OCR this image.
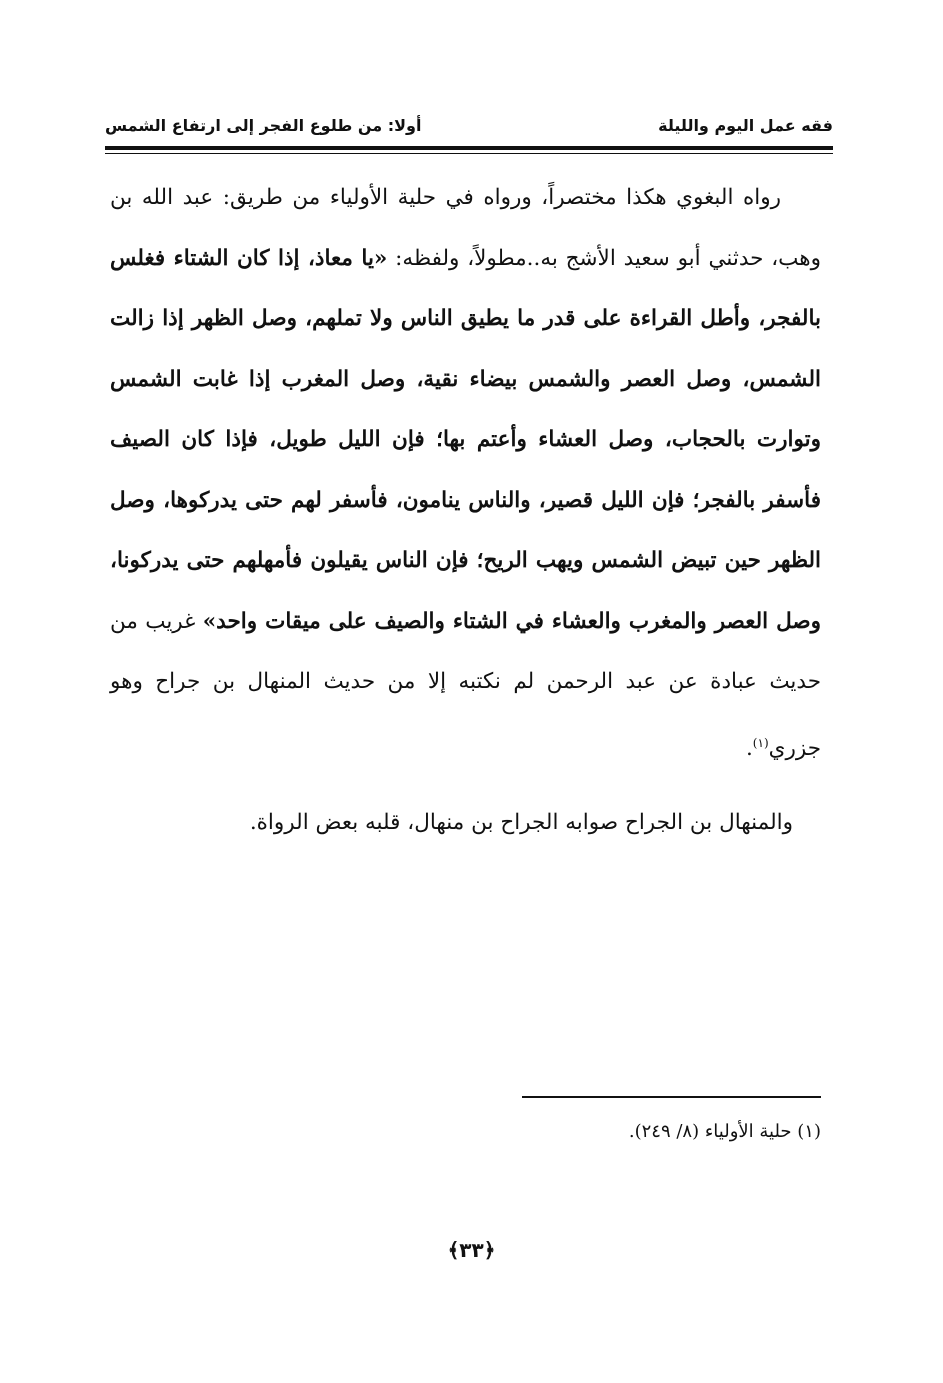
فقه عمل اليوم والليلة
أولا: من طلوع الفجر إلى ارتفاع الشمس

رواه البغوي هكذا مختصراً، ورواه في حلية الأولياء من طريق: عبد الله بن وهب، حدثني أبو سعيد الأشج به..مطولاً، ولفظه: «يا معاذ، إذا كان الشتاء فغلس بالفجر، وأطل القراءة على قدر ما يطيق الناس ولا تملهم، وصل الظهر إذا زالت الشمس، وصل العصر والشمس بيضاء نقية، وصل المغرب إذا غابت الشمس وتوارت بالحجاب، وصل العشاء وأعتم بها؛ فإن الليل طويل، فإذا كان الصيف فأسفر بالفجر؛ فإن الليل قصير، والناس ينامون، فأسفر لهم حتى يدركوها، وصل الظهر حين تبيض الشمس ويهب الريح؛ فإن الناس يقيلون فأمهلهم حتى يدركونا، وصل العصر والمغرب والعشاء في الشتاء والصيف على ميقات واحد» غريب من حديث عبادة عن عبد الرحمن لم نكتبه إلا من حديث المنهال بن جراح وهو جزري$^{(١)}$.

والمنهال بن الجراح صوابه الجراح بن منهال، قلبه بعض الرواة.
(١) حلية الأولياء (٨/ ٢٤٩).
﴿٣٣﴾
